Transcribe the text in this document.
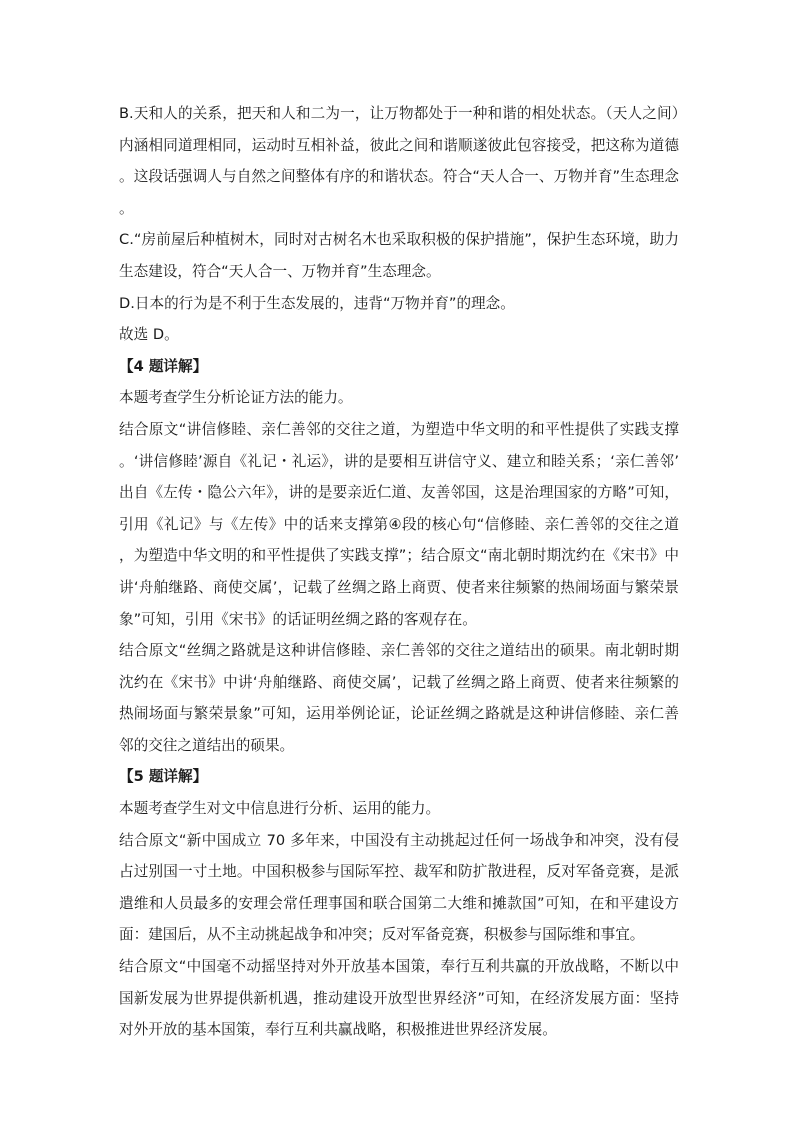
B.天和人的关系，把天和人和二为一，让万物都处于一种和谐的相处状态。（天人之间）内涵相同道理相同，运动时互相补益，彼此之间和谐顺遂彼此包容接受，把这称为道德。这段话强调人与自然之间整体有序的和谐状态。符合“天人合一、万物并育”生态理念。

C.“房前屋后种植树木，同时对古树名木也采取积极的保护措施”，保护生态环境，助力生态建设，符合“天人合一、万物并育”生态理念。

D.日本的行为是不利于生态发展的，违背“万物并育”的理念。

故选 D。

【4 题详解】

本题考查学生分析论证方法的能力。

结合原文“讲信修睦、亲仁善邻的交往之道，为塑造中华文明的和平性提供了实践支撑。‘讲信修睦’源自《礼记・礼运》，讲的是要相互讲信守义、建立和睦关系；‘亲仁善邻’出自《左传・隐公六年》，讲的是要亲近仁道、友善邻国，这是治理国家的方略”可知，引用《礼记》与《左传》中的话来支撑第④段的核心句“信修睦、亲仁善邻的交往之道，为塑造中华文明的和平性提供了实践支撑”；结合原文“南北朝时期沈约在《宋书》中讲‘舟舶继路、商使交属’，记载了丝绸之路上商贾、使者来往频繁的热闹场面与繁荣景象”可知，引用《宋书》的话证明丝绸之路的客观存在。

结合原文“丝绸之路就是这种讲信修睦、亲仁善邻的交往之道结出的硕果。南北朝时期沈约在《宋书》中讲‘舟舶继路、商使交属’，记载了丝绸之路上商贾、使者来往频繁的热闹场面与繁荣景象”可知，运用举例论证，论证丝绸之路就是这种讲信修睦、亲仁善邻的交往之道结出的硕果。

【5 题详解】

本题考查学生对文中信息进行分析、运用的能力。

结合原文“新中国成立 70 多年来，中国没有主动挑起过任何一场战争和冲突，没有侵占过别国一寸土地。中国积极参与国际军控、裁军和防扩散进程，反对军备竞赛，是派遣维和人员最多的安理会常任理事国和联合国第二大维和摊款国”可知，在和平建设方面：建国后，从不主动挑起战争和冲突；反对军备竞赛，积极参与国际维和事宜。

结合原文“中国毫不动摇坚持对外开放基本国策，奉行互利共赢的开放战略，不断以中国新发展为世界提供新机遇，推动建设开放型世界经济”可知，在经济发展方面：坚持对外开放的基本国策，奉行互利共赢战略，积极推进世界经济发展。
